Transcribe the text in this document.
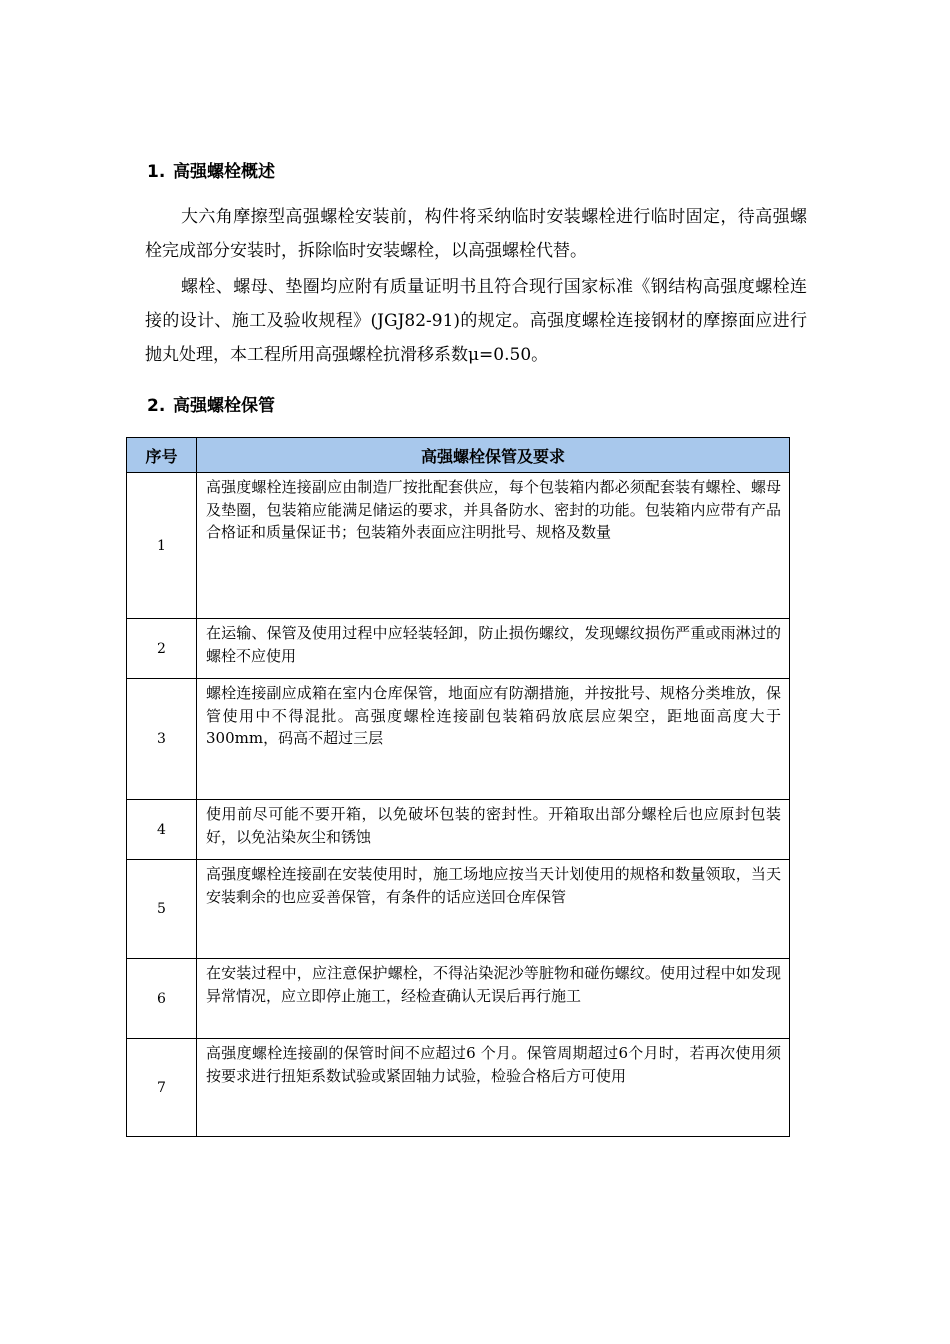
1. 高强螺栓概述

大六角摩擦型高强螺栓安装前，构件将采纳临时安装螺栓进行临时固定，待高强螺栓完成部分安装时，拆除临时安装螺栓，以高强螺栓代替。

螺栓、螺母、垫圈均应附有质量证明书且符合现行国家标准《钢结构高强度螺栓连接的设计、施工及验收规程》(JGJ82-91)的规定。高强度螺栓连接钢材的摩擦面应进行抛丸处理，本工程所用高强螺栓抗滑移系数μ=0.50。

2. 高强螺栓保管
序号	高强螺栓保管及要求
1	高强度螺栓连接副应由制造厂按批配套供应，每个包装箱内都必须配套装有螺栓、螺母及垫圈，包装箱应能满足储运的要求，并具备防水、密封的功能。包装箱内应带有产品合格证和质量保证书；包装箱外表面应注明批号、规格及数量
2	在运输、保管及使用过程中应轻装轻卸，防止损伤螺纹，发现螺纹损伤严重或雨淋过的螺栓不应使用
3	螺栓连接副应成箱在室内仓库保管，地面应有防潮措施，并按批号、规格分类堆放，保管使用中不得混批。高强度螺栓连接副包装箱码放底层应架空，距地面高度大于300mm，码高不超过三层
4	使用前尽可能不要开箱，以免破坏包装的密封性。开箱取出部分螺栓后也应原封包装好，以免沾染灰尘和锈蚀
5	高强度螺栓连接副在安装使用时，施工场地应按当天计划使用的规格和数量领取，当天安装剩余的也应妥善保管，有条件的话应送回仓库保管
6	在安装过程中，应注意保护螺栓，不得沾染泥沙等脏物和碰伤螺纹。使用过程中如发现异常情况，应立即停止施工，经检查确认无误后再行施工
7	高强度螺栓连接副的保管时间不应超过6 个月。保管周期超过6个月时，若再次使用须按要求进行扭矩系数试验或紧固轴力试验，检验合格后方可使用
